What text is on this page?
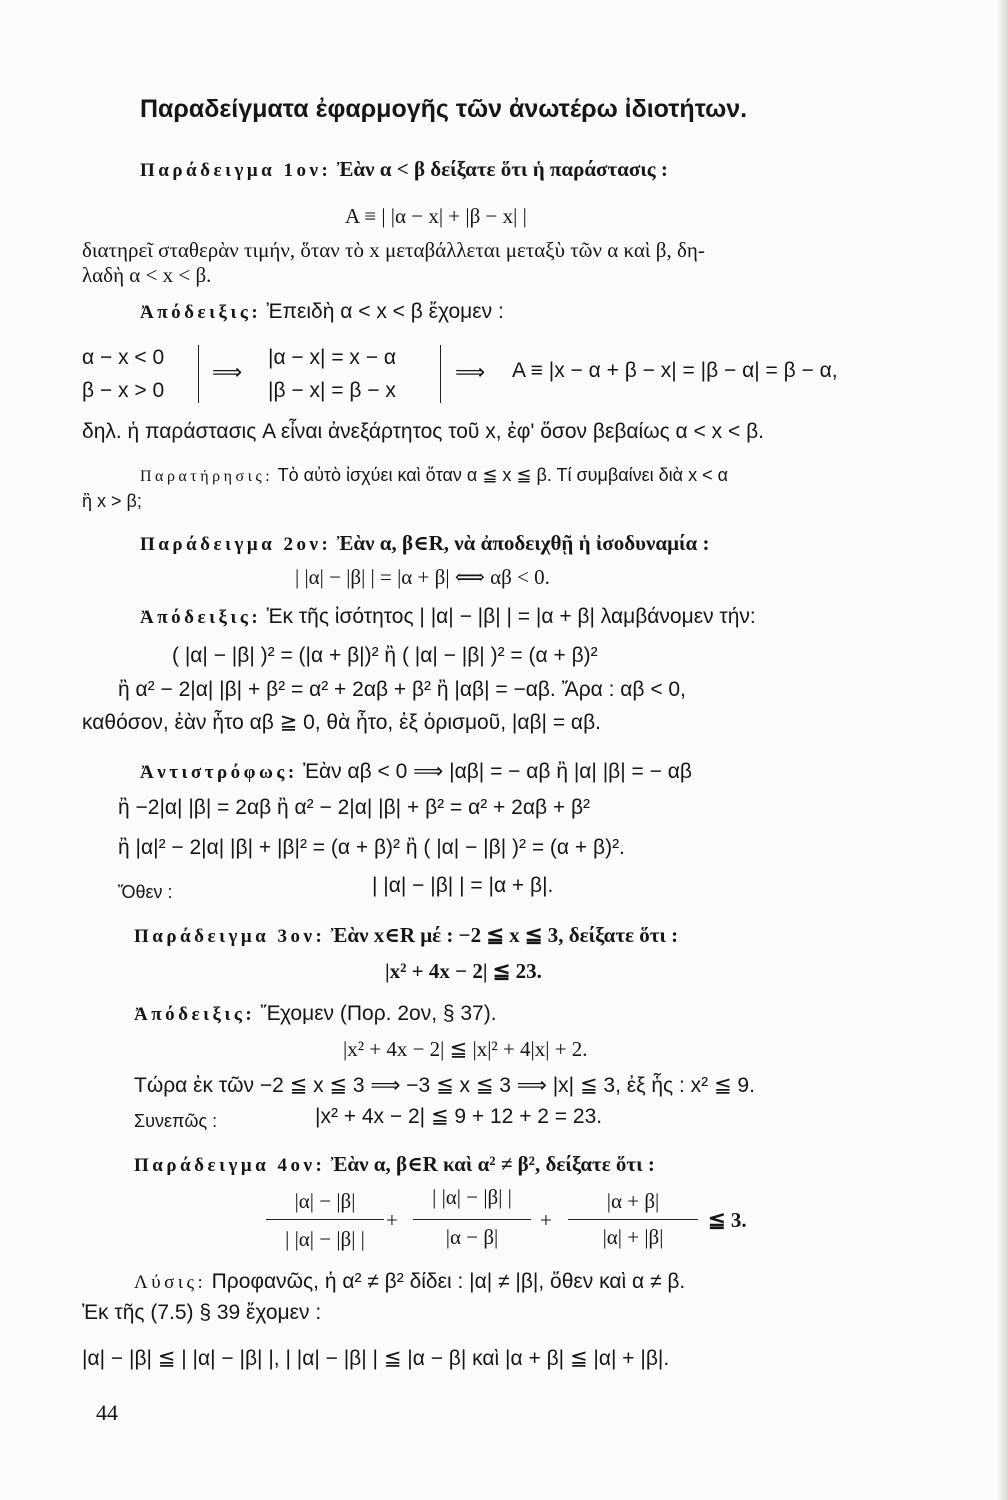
Παραδείγματα ἐφαρμογῆς τῶν ἀνωτέρω ἰδιοτήτων.
Παράδειγμα 1ον: Ἐὰν α < β δείξατε ὅτι ἡ παράστασις :
A ≡ | |α − x| + |β − x| |
διατηρεῖ σταθερὰν τιμήν, ὅταν τὸ x μεταβάλλεται μεταξὺ τῶν α καὶ β, δη-
λαδὴ α < x < β.
Ἀπόδειξις: Ἐπειδὴ α < x < β ἔχομεν :
α − x < 0
β − x > 0
⟹
|α − x| = x − α
|β − x| = β − x
⟹ A ≡ |x − α + β − x| = |β − α| = β − α,
δηλ. ἡ παράστασις A εἶναι ἀνεξάρτητος τοῦ x, ἐφ' ὅσον βεβαίως α < x < β.
Παρατήρησις: Τὸ αὐτὸ ἰσχύει καὶ ὅταν α ≦ x ≦ β. Τί συμβαίνει διὰ x < α
ἢ x > β;
Παράδειγμα 2ον: Ἐὰν α, β∈R, νὰ ἀποδειχθῇ ἡ ἰσοδυναμία :
| |α| − |β| | = |α + β| ⟺ αβ < 0.
Ἀπόδειξις: Ἐκ τῆς ἰσότητος | |α| − |β| | = |α + β| λαμβάνομεν τήν:
( |α| − |β| )² = (|α + β|)² ἢ ( |α| − |β| )² = (α + β)²
ἢ α² − 2|α| |β| + β² = α² + 2αβ + β² ἢ |αβ| = −αβ. Ἄρα : αβ < 0,
καθόσον, ἐὰν ἦτο αβ ≧ 0, θὰ ἦτο, ἐξ ὁρισμοῦ, |αβ| = αβ.
Ἀντιστρόφως: Ἐὰν αβ < 0 ⟹ |αβ| = − αβ ἢ |α| |β| = − αβ
ἢ −2|α| |β| = 2αβ ἢ α² − 2|α| |β| + β² = α² + 2αβ + β²
ἢ |α|² − 2|α| |β| + |β|² = (α + β)² ἢ ( |α| − |β| )² = (α + β)².
Ὅθεν :	| |α| − |β| | = |α + β|.
Παράδειγμα 3ον: Ἐὰν x∈R μέ : −2 ≦ x ≦ 3, δείξατε ὅτι :
|x² + 4x − 2| ≦ 23.
Ἀπόδειξις: Ἔχομεν (Πορ. 2ον, § 37).
|x² + 4x − 2| ≦ |x|² + 4|x| + 2.
Τώρα ἐκ τῶν −2 ≦ x ≦ 3 ⟹ −3 ≦ x ≦ 3 ⟹ |x| ≦ 3, ἐξ ἧς : x² ≦ 9.
Συνεπῶς :	|x² + 4x − 2| ≦ 9 + 12 + 2 = 23.
Παράδειγμα 4ον: Ἐὰν α, β∈R καὶ α² ≠ β², δείξατε ὅτι :
|α| − |β|
| |α| − |β| |
+
| |α| − |β| |
|α − β|
+
|α + β|
|α| + |β|
≦ 3.
Λύσις: Προφανῶς, ἡ α² ≠ β² δίδει : |α| ≠ |β|, ὅθεν καὶ α ≠ β.
Ἐκ τῆς (7.5) § 39 ἔχομεν :
|α| − |β| ≦ | |α| − |β| |, | |α| − |β| | ≦ |α − β| καὶ |α + β| ≦ |α| + |β|.
44
